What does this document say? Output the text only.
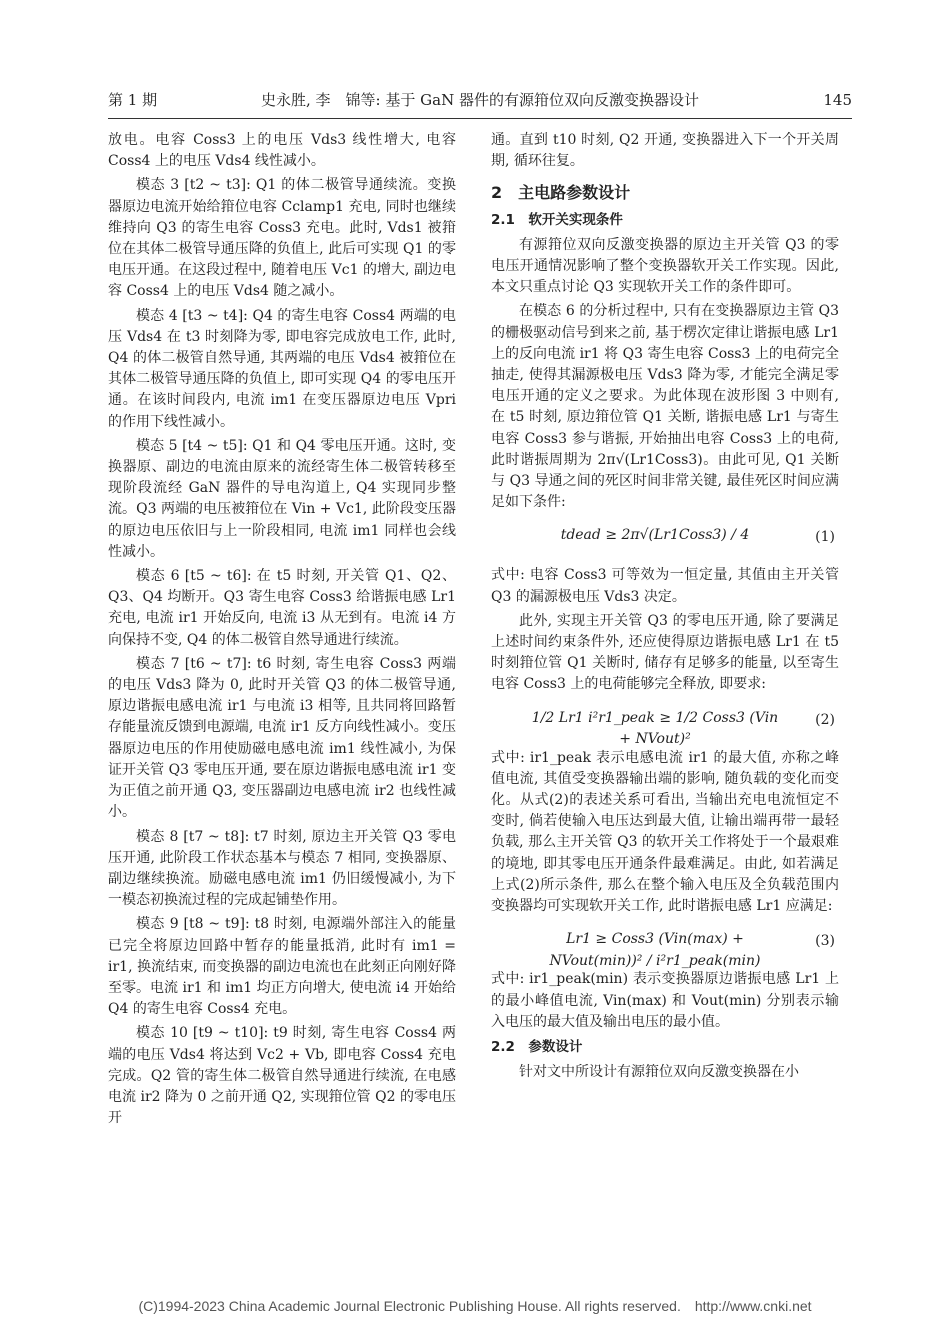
第 1 期	史永胜, 李　锦等: 基于 GaN 器件的有源箝位双向反激变换器设计	145

放电。电容 Coss3 上的电压 Vds3 线性增大, 电容 Coss4 上的电压 Vds4 线性减小。

模态 3 [t2 ~ t3]: Q1 的体二极管导通续流。变换器原边电流开始给箝位电容 Cclamp1 充电, 同时也继续维持向 Q3 的寄生电容 Coss3 充电。此时, Vds1 被箝位在其体二极管导通压降的负值上, 此后可实现 Q1 的零电压开通。在这段过程中, 随着电压 Vc1 的增大, 副边电容 Coss4 上的电压 Vds4 随之减小。

模态 4 [t3 ~ t4]: Q4 的寄生电容 Coss4 两端的电压 Vds4 在 t3 时刻降为零, 即电容完成放电工作, 此时, Q4 的体二极管自然导通, 其两端的电压 Vds4 被箝位在其体二极管导通压降的负值上, 即可实现 Q4 的零电压开通。在该时间段内, 电流 im1 在变压器原边电压 Vpri 的作用下线性减小。

模态 5 [t4 ~ t5]: Q1 和 Q4 零电压开通。这时, 变换器原、副边的电流由原来的流经寄生体二极管转移至现阶段流经 GaN 器件的导电沟道上, Q4 实现同步整流。Q3 两端的电压被箝位在 Vin + Vc1, 此阶段变压器的原边电压依旧与上一阶段相同, 电流 im1 同样也会线性减小。

模态 6 [t5 ~ t6]: 在 t5 时刻, 开关管 Q1、Q2、Q3、Q4 均断开。Q3 寄生电容 Coss3 给谐振电感 Lr1 充电, 电流 ir1 开始反向, 电流 i3 从无到有。电流 i4 方向保持不变, Q4 的体二极管自然导通进行续流。

模态 7 [t6 ~ t7]: t6 时刻, 寄生电容 Coss3 两端的电压 Vds3 降为 0, 此时开关管 Q3 的体二极管导通, 原边谐振电感电流 ir1 与电流 i3 相等, 且共同将回路暂存能量流反馈到电源端, 电流 ir1 反方向线性减小。变压器原边电压的作用使励磁电感电流 im1 线性减小, 为保证开关管 Q3 零电压开通, 要在原边谐振电感电流 ir1 变为正值之前开通 Q3, 变压器副边电感电流 ir2 也线性减小。

模态 8 [t7 ~ t8]: t7 时刻, 原边主开关管 Q3 零电压开通, 此阶段工作状态基本与模态 7 相同, 变换器原、副边继续换流。励磁电感电流 im1 仍旧缓慢减小, 为下一模态初换流过程的完成起铺垫作用。

模态 9 [t8 ~ t9]: t8 时刻, 电源端外部注入的能量已完全将原边回路中暂存的能量抵消, 此时有 im1 = ir1, 换流结束, 而变换器的副边电流也在此刻正向刚好降至零。电流 ir1 和 im1 均正方向增大, 使电流 i4 开始给 Q4 的寄生电容 Coss4 充电。

模态 10 [t9 ~ t10]: t9 时刻, 寄生电容 Coss4 两端的电压 Vds4 将达到 Vc2 + Vb, 即电容 Coss4 充电完成。Q2 管的寄生体二极管自然导通进行续流, 在电感电流 ir2 降为 0 之前开通 Q2, 实现箝位管 Q2 的零电压开

通。直到 t10 时刻, Q2 开通, 变换器进入下一个开关周期, 循环往复。

2　主电路参数设计
2.1　软开关实现条件

有源箝位双向反激变换器的原边主开关管 Q3 的零电压开通情况影响了整个变换器软开关工作实现。因此, 本文只重点讨论 Q3 实现软开关工作的条件即可。

在模态 6 的分析过程中, 只有在变换器原边主管 Q3 的栅极驱动信号到来之前, 基于楞次定律让谐振电感 Lr1 上的反向电流 ir1 将 Q3 寄生电容 Coss3 上的电荷完全抽走, 使得其漏源极电压 Vds3 降为零, 才能完全满足零电压开通的定义之要求。为此体现在波形图 3 中则有, 在 t5 时刻, 原边箝位管 Q1 关断, 谐振电感 Lr1 与寄生电容 Coss3 参与谐振, 开始抽出电容 Coss3 上的电荷, 此时谐振周期为 2π√(Lr1Coss3)。由此可见, Q1 关断与 Q3 导通之间的死区时间非常关键, 最佳死区时间应满足如下条件:

tdead ≥ 2π√(Lr1Coss3) / 4	(1)

式中: 电容 Coss3 可等效为一恒定量, 其值由主开关管 Q3 的漏源极电压 Vds3 决定。

此外, 实现主开关管 Q3 的零电压开通, 除了要满足上述时间约束条件外, 还应使得原边谐振电感 Lr1 在 t5 时刻箝位管 Q1 关断时, 储存有足够多的能量, 以至寄生电容 Coss3 上的电荷能够完全释放, 即要求:

1/2 Lr1 i²r1_peak ≥ 1/2 Coss3 (Vin + NVout)²
(2)

式中: ir1_peak 表示电感电流 ir1 的最大值, 亦称之峰值电流, 其值受变换器输出端的影响, 随负载的变化而变化。从式(2)的表述关系可看出, 当输出充电电流恒定不变时, 倘若使输入电压达到最大值, 让输出端再带一最轻负载, 那么主开关管 Q3 的软开关工作将处于一个最艰难的境地, 即其零电压开通条件最难满足。由此, 如若满足上式(2)所示条件, 那么在整个输入电压及全负载范围内变换器均可实现软开关工作, 此时谐振电感 Lr1 应满足:

Lr1 ≥ Coss3 (Vin(max) + NVout(min))² / i²r1_peak(min)
(3)

式中: ir1_peak(min) 表示变换器原边谐振电感 Lr1 上的最小峰值电流, Vin(max) 和 Vout(min) 分别表示输入电压的最大值及输出电压的最小值。

2.2　参数设计

针对文中所设计有源箝位双向反激变换器在小

(C)1994-2023 China Academic Journal Electronic Publishing House. All rights reserved.　http://www.cnki.net
